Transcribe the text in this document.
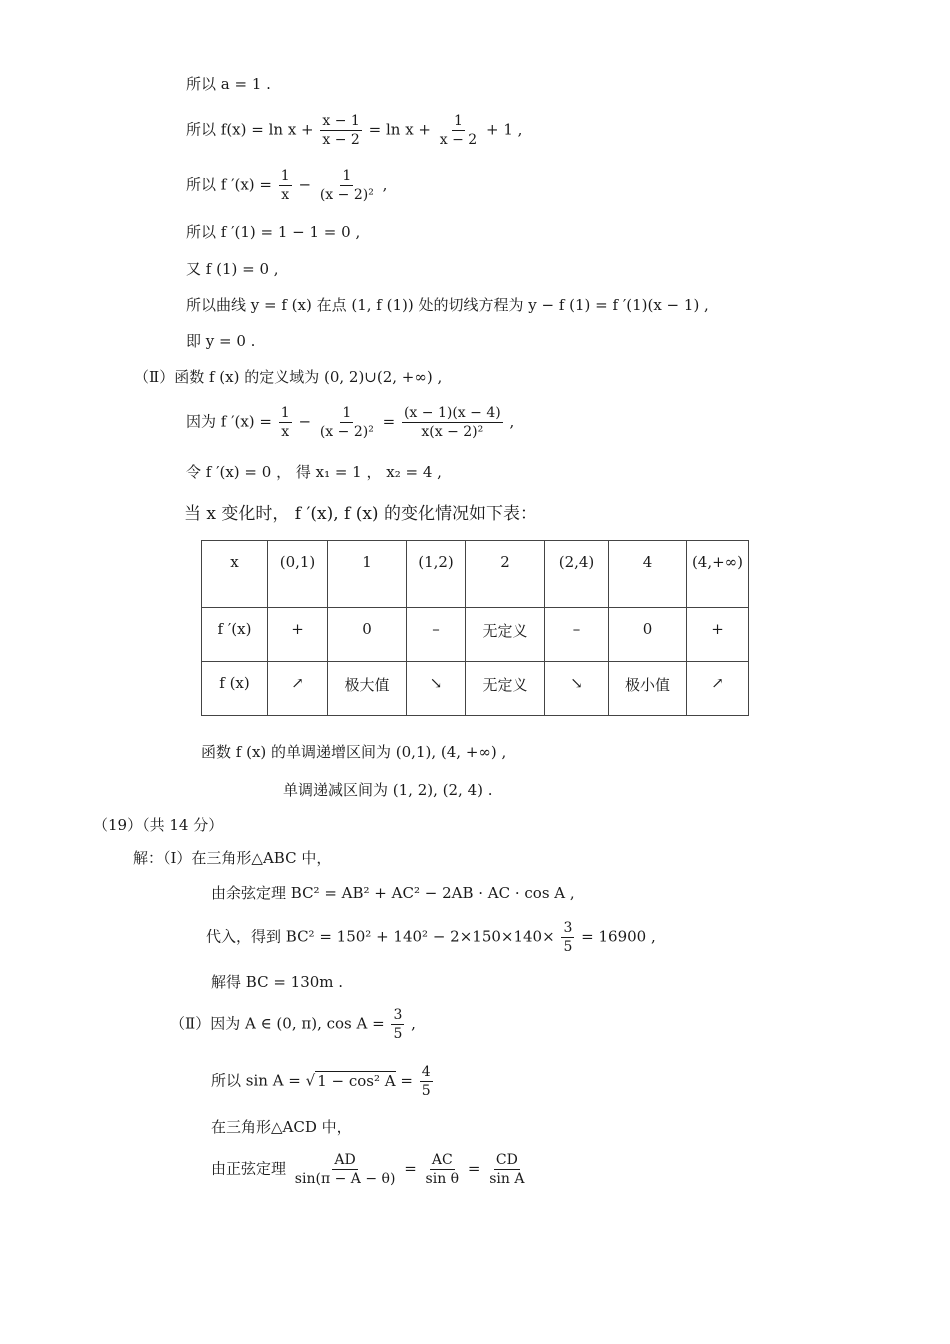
所以 a = 1 .
所以 $f(x) = \ln x + \frac{x - 1}{x - 2} = \ln x + \frac{1}{x - 2} + 1$ ,
所以 f $'(x) = \frac{1}{x} - \frac{1}{\text{(x − 2)²}}$ ,
所以 f ′(1) = 1 − 1 = 0 ,
又 f (1) = 0 ,
所以曲线 y = f (x) 在点 (1, f (1)) 处的切线方程为 y − f (1) = f ′(1)(x − 1) ,
即 y = 0 .
（Ⅱ）函数 f (x) 的定义域为 (0, 2)∪(2, +∞) ,
因为 f $'(x) = \frac{1}{x} - \frac{1}{\text{(x − 2)²}} = \frac{(x - 1)(x - 4)}{\text{x(x − 2)²}}$ ,
令 f ′(x) = 0 ， 得 x₁ = 1 ， x₂ = 4 ,
当 x 变化时， f ′(x), f (x) 的变化情况如下表：
x	(0,1)	1	(1,2)	2	(2,4)	4	(4,+∞)
f ′(x)	+	0	–	无定义	–	0	+
f (x)	↗	极大值	↘	无定义	↘	极小值	↗
函数 f (x) 的单调递增区间为 (0,1), (4, +∞) ,
单调递减区间为 (1, 2), (2, 4) .
（19）（共 14 分）
解：（Ⅰ）在三角形△ABC 中，
由余弦定理 BC² = AB² + AC² − 2AB · AC · cos A ,
代入，得到 $BC^2 = 150^2 + 140^2 - 2\times 150\times 140\times \frac{3}{5} = 16900$ ,
解得 BC = 130m .
（Ⅱ）因为 A ∈ (0, π), $\cos A = \frac{3}{5}$ ,
所以 sin A = √ 1 − cos² $A = \frac{4}{5}$
在三角形△ACD 中，
由正弦定理 $\frac{AD}{\sin(\pi - A - \theta)} = \frac{AC}{\text{sin θ}} = \frac{CD}{\text{sin A}}$
